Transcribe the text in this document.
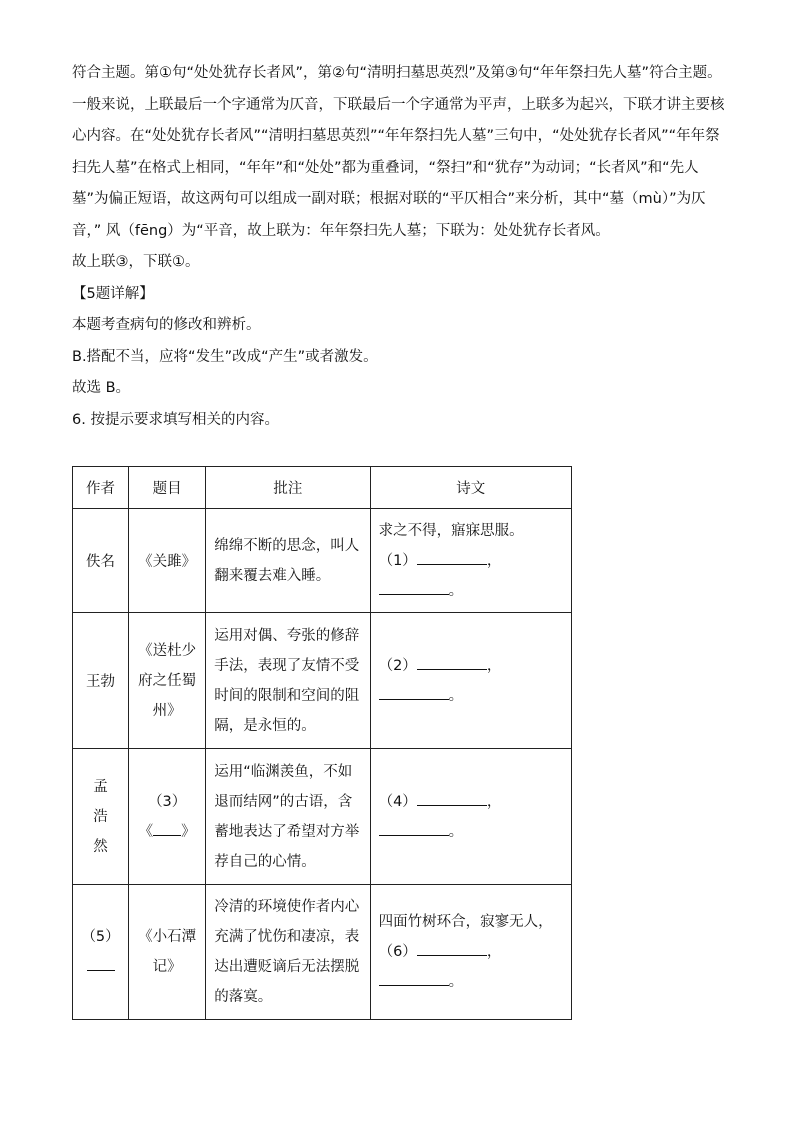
符合主题。第①句“处处犹存长者风”，第②句“清明扫墓思英烈”及第③句“年年祭扫先人墓”符合主题。一般来说，上联最后一个字通常为仄音，下联最后一个字通常为平声，上联多为起兴，下联才讲主要核心内容。在“处处犹存长者风”“清明扫墓思英烈”“年年祭扫先人墓”三句中，“处处犹存长者风”“年年祭扫先人墓”在格式上相同，“年年”和“处处”都为重叠词，“祭扫”和“犹存”为动词；“长者风”和“先人墓”为偏正短语，故这两句可以组成一副对联；根据对联的“平仄相合”来分析，其中“墓（mù）”为仄音，” 风（fēng）为“平音，故上联为：年年祭扫先人墓；下联为：处处犹存长者风。

故上联③，下联①。

【5题详解】

本题考查病句的修改和辨析。

B.搭配不当，应将“发生”改成“产生”或者激发。

故选 B。

6. 按提示要求填写相关的内容。

作者	题目	批注	诗文
佚名	《关雎》	绵绵不断的思念，叫人翻来覆去难入睡。	求之不得，寤寐思服。
（1） ，
。

王勃	《送杜少府之任蜀州》	运用对偶、夸张的修辞手法，表现了友情不受时间的限制和空间的阻隔，是永恒的。	（2） ，
。

孟浩然	（3）
《 》	运用“临渊羡鱼，不如退而结网”的古语，含蓄地表达了希望对方举荐自己的心情。	（4） ，
。

（5）	《小石潭记》	冷清的环境使作者内心充满了忧伤和凄凉，表达出遭贬谪后无法摆脱的落寞。	四面竹树环合，寂寥无人，
（6） ，
。
